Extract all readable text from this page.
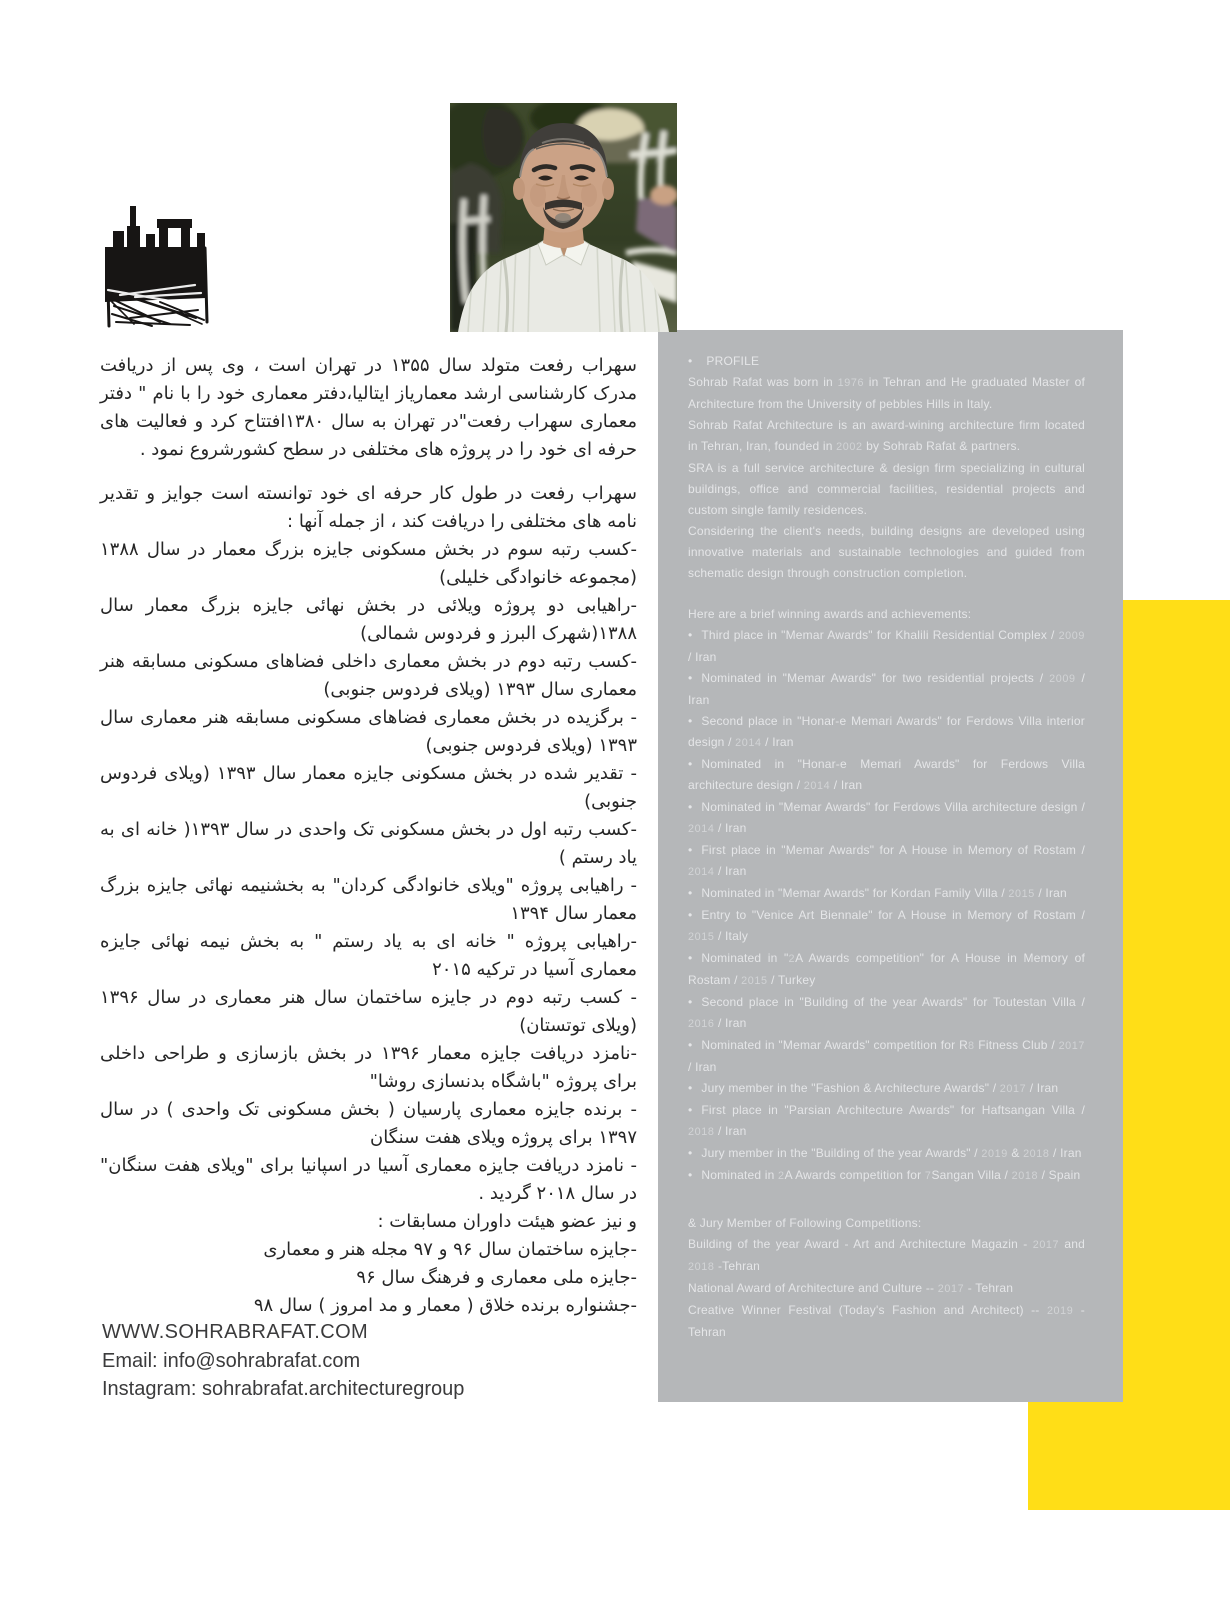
• PROFILE
Sohrab Rafat was born in 1976 in Tehran and He graduated Master of Architecture from the University of pebbles Hills in Italy.
Sohrab Rafat Architecture is an award-wining architecture firm located in Tehran, Iran, founded in 2002 by Sohrab Rafat & partners.
SRA is a full service architecture & design firm specializing in cultural buildings, office and commercial facilities, residential projects and custom single family residences.
Considering the client's needs, building designs are developed using innovative materials and sustainable technologies and guided from schematic design through construction completion.
Here are a brief winning awards and achievements:
• Third place in "Memar Awards" for Khalili Residential Complex / 2009 / Iran
• Nominated in "Memar Awards" for two residential projects / 2009 / Iran
• Second place in "Honar-e Memari Awards" for Ferdows Villa interior design / 2014 / Iran
• Nominated in "Honar-e Memari Awards" for Ferdows Villa architecture design / 2014 / Iran
• Nominated in "Memar Awards" for Ferdows Villa architecture design / 2014 / Iran
• First place in "Memar Awards" for A House in Memory of Rostam / 2014 / Iran
• Nominated in "Memar Awards" for Kordan Family Villa / 2015 / Iran
• Entry to "Venice Art Biennale" for A House in Memory of Rostam / 2015 / Italy
• Nominated in "2A Awards competition" for A House in Memory of Rostam / 2015 / Turkey
• Second place in "Building of the year Awards" for Toutestan Villa / 2016 / Iran
• Nominated in "Memar Awards" competition for R8 Fitness Club / 2017 / Iran
• Jury member in the "Fashion & Architecture Awards" / 2017 / Iran
• First place in "Parsian Architecture Awards" for Haftsangan Villa / 2018 / Iran
• Jury member in the "Building of the year Awards" / 2019 & 2018 / Iran
• Nominated in 2A Awards competition for 7Sangan Villa / 2018 / Spain
& Jury Member of Following Competitions:
Building of the year Award - Art and Architecture Magazin - 2017 and 2018 -Tehran
National Award of Architecture and Culture -- 2017 - Tehran
Creative Winner Festival (Today's Fashion and Architect) -- 2019 - Tehran
سهراب رفعت متولد سال ۱۳۵۵ در تهران است ، وی پس از دریافت مدرک کارشناسی ارشد معماریاز ایتالیا،دفتر معماری خود را با نام " دفتر معماری سهراب رفعت"در تهران به سال ۱۳۸۰افتتاح کرد و فعالیت های حرفه ای خود را در پروژه های مختلفی در سطح کشورشروع نمود .
سهراب رفعت در طول کار حرفه ای خود توانسته است جوایز و تقدیر نامه های مختلفی را دریافت کند ، از جمله آنها :
-کسب رتبه سوم در بخش مسکونی جایزه بزرگ معمار در سال ۱۳۸۸ (مجموعه خانوادگی خلیلی)
-راهیابی دو پروژه ویلائی در بخش نهائی جایزه بزرگ معمار سال ۱۳۸۸(شهرک البرز و فردوس شمالی)
-کسب رتبه دوم در بخش معماری داخلی فضاهای مسکونی مسابقه هنر معماری سال ۱۳۹۳ (ویلای فردوس جنوبی)
- برگزیده در بخش معماری فضاهای مسکونی مسابقه هنر معماری سال ۱۳۹۳ (ویلای فردوس جنوبی)
- تقدیر شده در بخش مسکونی جایزه معمار سال ۱۳۹۳ (ویلای فردوس جنوبی)
-کسب رتبه اول در بخش مسکونی تک واحدی در سال ۱۳۹۳( خانه ای به یاد رستم )
- راهیابی پروژه "ویلای خانوادگی کردان" به بخشنیمه نهائی جایزه بزرگ معمار سال ۱۳۹۴
-راهیابی پروژه " خانه ای به یاد رستم " به بخش نیمه نهائی جایزه معماری آسیا در ترکیه ۲۰۱۵
- کسب رتبه دوم در جایزه ساختمان سال هنر معماری در سال ۱۳۹۶ (ویلای توتستان)
-نامزد دریافت جایزه معمار ۱۳۹۶ در بخش بازسازی و طراحی داخلی برای پروژه "باشگاه بدنسازی روشا"
- برنده جایزه معماری پارسیان ( بخش مسکونی تک واحدی ) در سال ۱۳۹۷ برای پروژه ویلای هفت سنگان
- نامزد دریافت جایزه معماری آسیا در اسپانیا برای "ویلای هفت سنگان" در سال ۲۰۱۸ گردید .
و نیز عضو هیئت داوران مسابقات :
-جایزه ساختمان سال ۹۶ و ۹۷ مجله هنر و معماری
-جایزه ملی معماری و فرهنگ سال ۹۶
-جشنواره برنده خلاق ( معمار و مد امروز ) سال ۹۸
WWW.SOHRABRAFAT.COM
Email: info@sohrabrafat.com
Instagram: sohrabrafat.architecturegroup
